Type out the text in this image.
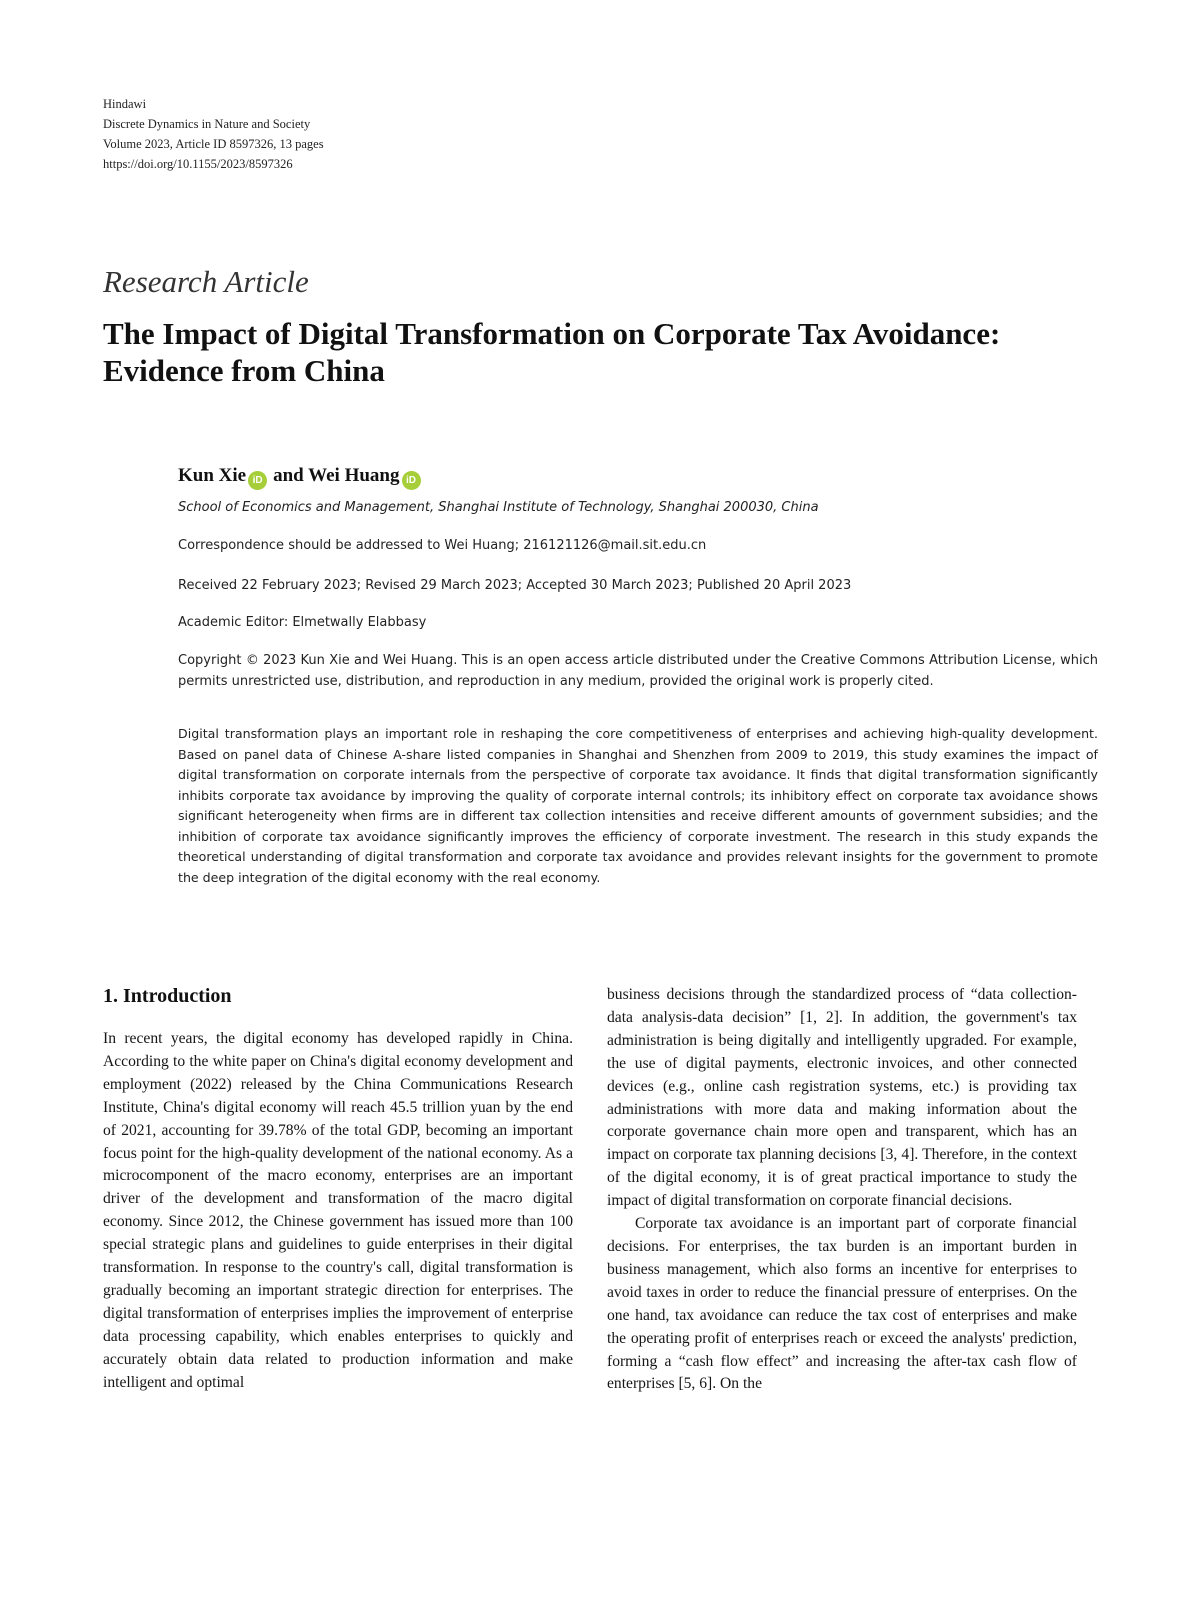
Hindawi
Discrete Dynamics in Nature and Society
Volume 2023, Article ID 8597326, 13 pages
https://doi.org/10.1155/2023/8597326
Research Article
The Impact of Digital Transformation on Corporate Tax Avoidance: Evidence from China
Kun Xie iD and Wei Huang iD
School of Economics and Management, Shanghai Institute of Technology, Shanghai 200030, China
Correspondence should be addressed to Wei Huang; 216121126@mail.sit.edu.cn
Received 22 February 2023; Revised 29 March 2023; Accepted 30 March 2023; Published 20 April 2023
Academic Editor: Elmetwally Elabbasy
Copyright © 2023 Kun Xie and Wei Huang. This is an open access article distributed under the Creative Commons Attribution License, which permits unrestricted use, distribution, and reproduction in any medium, provided the original work is properly cited.
Digital transformation plays an important role in reshaping the core competitiveness of enterprises and achieving high-quality development. Based on panel data of Chinese A-share listed companies in Shanghai and Shenzhen from 2009 to 2019, this study examines the impact of digital transformation on corporate internals from the perspective of corporate tax avoidance. It finds that digital transformation significantly inhibits corporate tax avoidance by improving the quality of corporate internal controls; its inhibitory effect on corporate tax avoidance shows significant heterogeneity when firms are in different tax collection intensities and receive different amounts of government subsidies; and the inhibition of corporate tax avoidance significantly improves the efficiency of corporate investment. The research in this study expands the theoretical understanding of digital transformation and corporate tax avoidance and provides relevant insights for the government to promote the deep integration of the digital economy with the real economy.
1. Introduction

In recent years, the digital economy has developed rapidly in China. According to the white paper on China's digital economy development and employment (2022) released by the China Communications Research Institute, China's digital economy will reach 45.5 trillion yuan by the end of 2021, accounting for 39.78% of the total GDP, becoming an important focus point for the high-quality development of the national economy. As a microcomponent of the macro economy, enterprises are an important driver of the development and transformation of the macro digital economy. Since 2012, the Chinese government has issued more than 100 special strategic plans and guidelines to guide enterprises in their digital transformation. In response to the country's call, digital transformation is gradually becoming an important strategic direction for enterprises. The digital transformation of enterprises implies the improvement of enterprise data processing capability, which enables enterprises to quickly and accurately obtain data related to production information and make intelligent and optimal

business decisions through the standardized process of “data collection-data analysis-data decision” [1, 2]. In addition, the government's tax administration is being digitally and intelligently upgraded. For example, the use of digital payments, electronic invoices, and other connected devices (e.g., online cash registration systems, etc.) is providing tax administrations with more data and making information about the corporate governance chain more open and transparent, which has an impact on corporate tax planning decisions [3, 4]. Therefore, in the context of the digital economy, it is of great practical importance to study the impact of digital transformation on corporate financial decisions.

Corporate tax avoidance is an important part of corporate financial decisions. For enterprises, the tax burden is an important burden in business management, which also forms an incentive for enterprises to avoid taxes in order to reduce the financial pressure of enterprises. On the one hand, tax avoidance can reduce the tax cost of enterprises and make the operating profit of enterprises reach or exceed the analysts' prediction, forming a “cash flow effect” and increasing the after-tax cash flow of enterprises [5, 6]. On the
